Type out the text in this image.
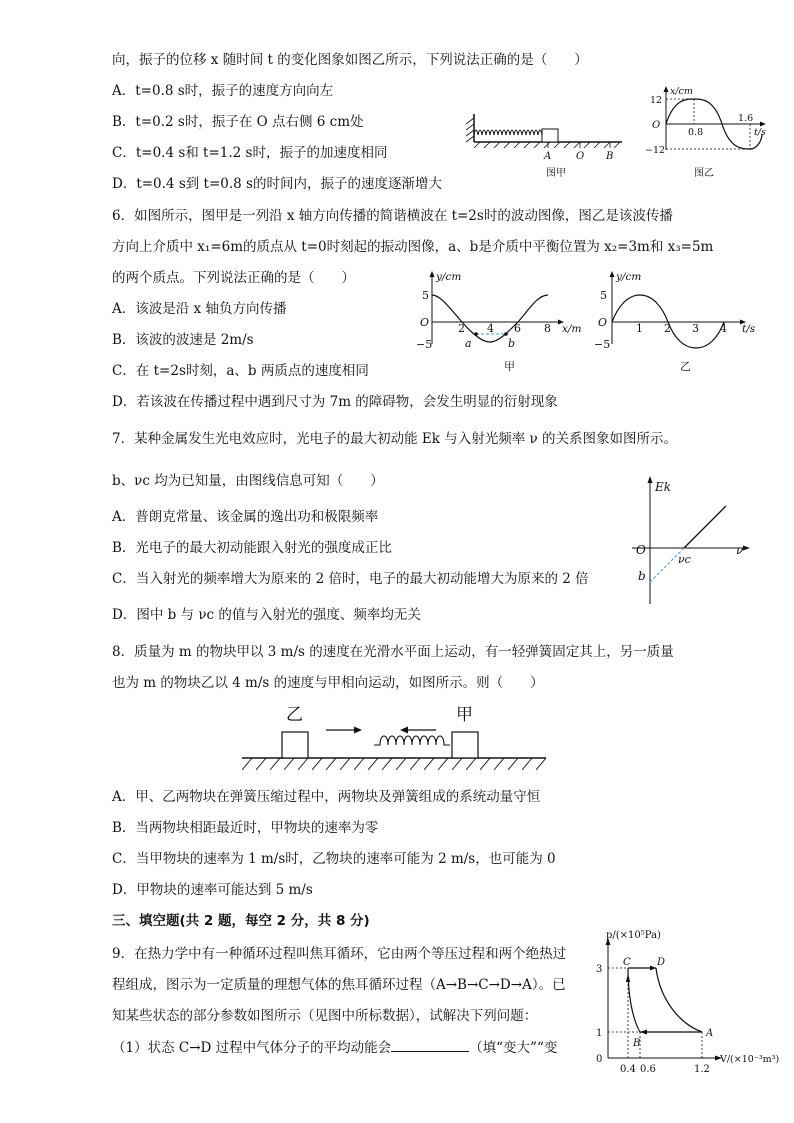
向，振子的位移 x 随时间 t 的变化图象如图乙所示，下列说法正确的是（　　）
A．t=0.8 s时，振子的速度方向向左
B．t=0.2 s时，振子在 O 点右侧 6 cm处
C．t=0.4 s和 t=1.2 s时，振子的加速度相同
D．t=0.4 s到 t=0.8 s的时间内，振子的速度逐渐增大
A O B
图甲
x/cm
12
O
−12
0.8
1.6
t/s
图乙
6．如图所示，图甲是一列沿 x 轴方向传播的简谐横波在 t=2s时的波动图像，图乙是该波传播
方向上介质中 x₁=6m的质点从 t=0时刻起的振动图像，a、b是介质中平衡位置为 x₂=3m和 x₃=5m
的两个质点。下列说法正确的是（　　）
A．该波是沿 x 轴负方向传播
B．该波的波速是 2m/s
C．在 t=2s时刻，a、b 两质点的速度相同
D．若该波在传播过程中遇到尺寸为 7m 的障碍物，会发生明显的衍射现象
y/cm
5
O
−5
2 4 6 8 x/m
a	b
甲
y/cm
5
O
−5
1 2 3 4 t/s
乙
7．某种金属发生光电效应时，光电子的最大初动能 Ek 与入射光频率 ν 的关系图象如图所示。
b、νc 均为已知量，由图线信息可知（　　）
A．普朗克常量、该金属的逸出功和极限频率
B．光电子的最大初动能跟入射光的强度成正比
C．当入射光的频率增大为原来的 2 倍时，电子的最大初动能增大为原来的 2 倍
D．图中 b 与 νc 的值与入射光的强度、频率均无关
Ek
O
νc
ν
b
8．质量为 m 的物块甲以 3 m/s 的速度在光滑水平面上运动，有一轻弹簧固定其上，另一质量
也为 m 的物块乙以 4 m/s 的速度与甲相向运动，如图所示。则（　　）
乙	甲
A．甲、乙两物块在弹簧压缩过程中，两物块及弹簧组成的系统动量守恒
B．当两物块相距最近时，甲物块的速率为零
C．当甲物块的速率为 1 m/s时，乙物块的速率可能为 2 m/s，也可能为 0
D．甲物块的速率可能达到 5 m/s
三、填空题(共 2 题，每空 2 分，共 8 分)
9．在热力学中有一种循环过程叫焦耳循环，它由两个等压过程和两个绝热过
程组成，图示为一定质量的理想气体的焦耳循环过程（A→B→C→D→A）。已
知某些状态的部分参数如图所示（见图中所标数据），试解决下列问题：
（1）状态 C→D 过程中气体分子的平均动能会	（填“变大”“变
p/(×10⁵Pa)
3
1
0
0.4 0.6	1.2
V/(×10⁻³m³)
C	D
A
B
